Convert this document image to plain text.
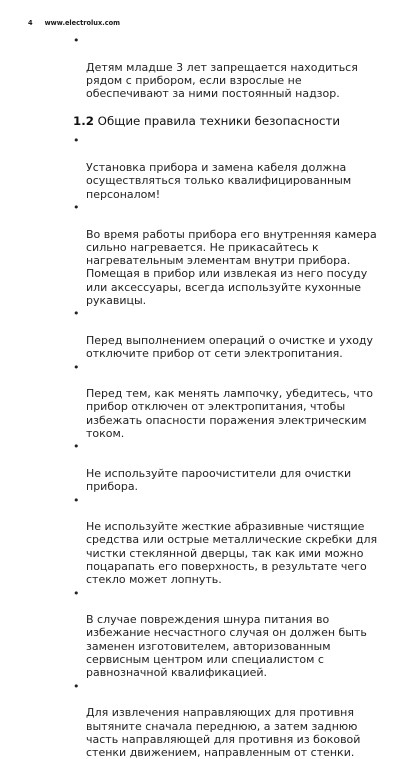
4 www.electrolux.com

•

Детям младше 3 лет запрещается находиться
рядом с прибором, если взрослые не
обеспечивают за ними постоянный надзор.

1.2 Общие правила техники безопасности

•

Установка прибора и замена кабеля должна
осуществляться только квалифицированным
персоналом!

•

Во время работы прибора его внутренняя камера
сильно нагревается. Не прикасайтесь к
нагревательным элементам внутри прибора.
Помещая в прибор или извлекая из него посуду
или аксессуары, всегда используйте кухонные
рукавицы.

•

Перед выполнением операций о очистке и уходу
отключите прибор от сети электропитания.

•

Перед тем, как менять лампочку, убедитесь, что
прибор отключен от электропитания, чтобы
избежать опасности поражения электрическим
током.

•

Не используйте пароочистители для очистки
прибора.

•

Не используйте жесткие абразивные чистящие
средства или острые металлические скребки для
чистки стеклянной дверцы, так как ими можно
поцарапать его поверхность, в результате чего
стекло может лопнуть.

•

В случае повреждения шнура питания во
избежание несчастного случая он должен быть
заменен изготовителем, авторизованным
сервисным центром или специалистом с
равнозначной квалификацией.

•

Для извлечения направляющих для противня
вытяните сначала переднюю, а затем заднюю
часть направляющей для противня из боковой
стенки движением, направленным от стенки.
